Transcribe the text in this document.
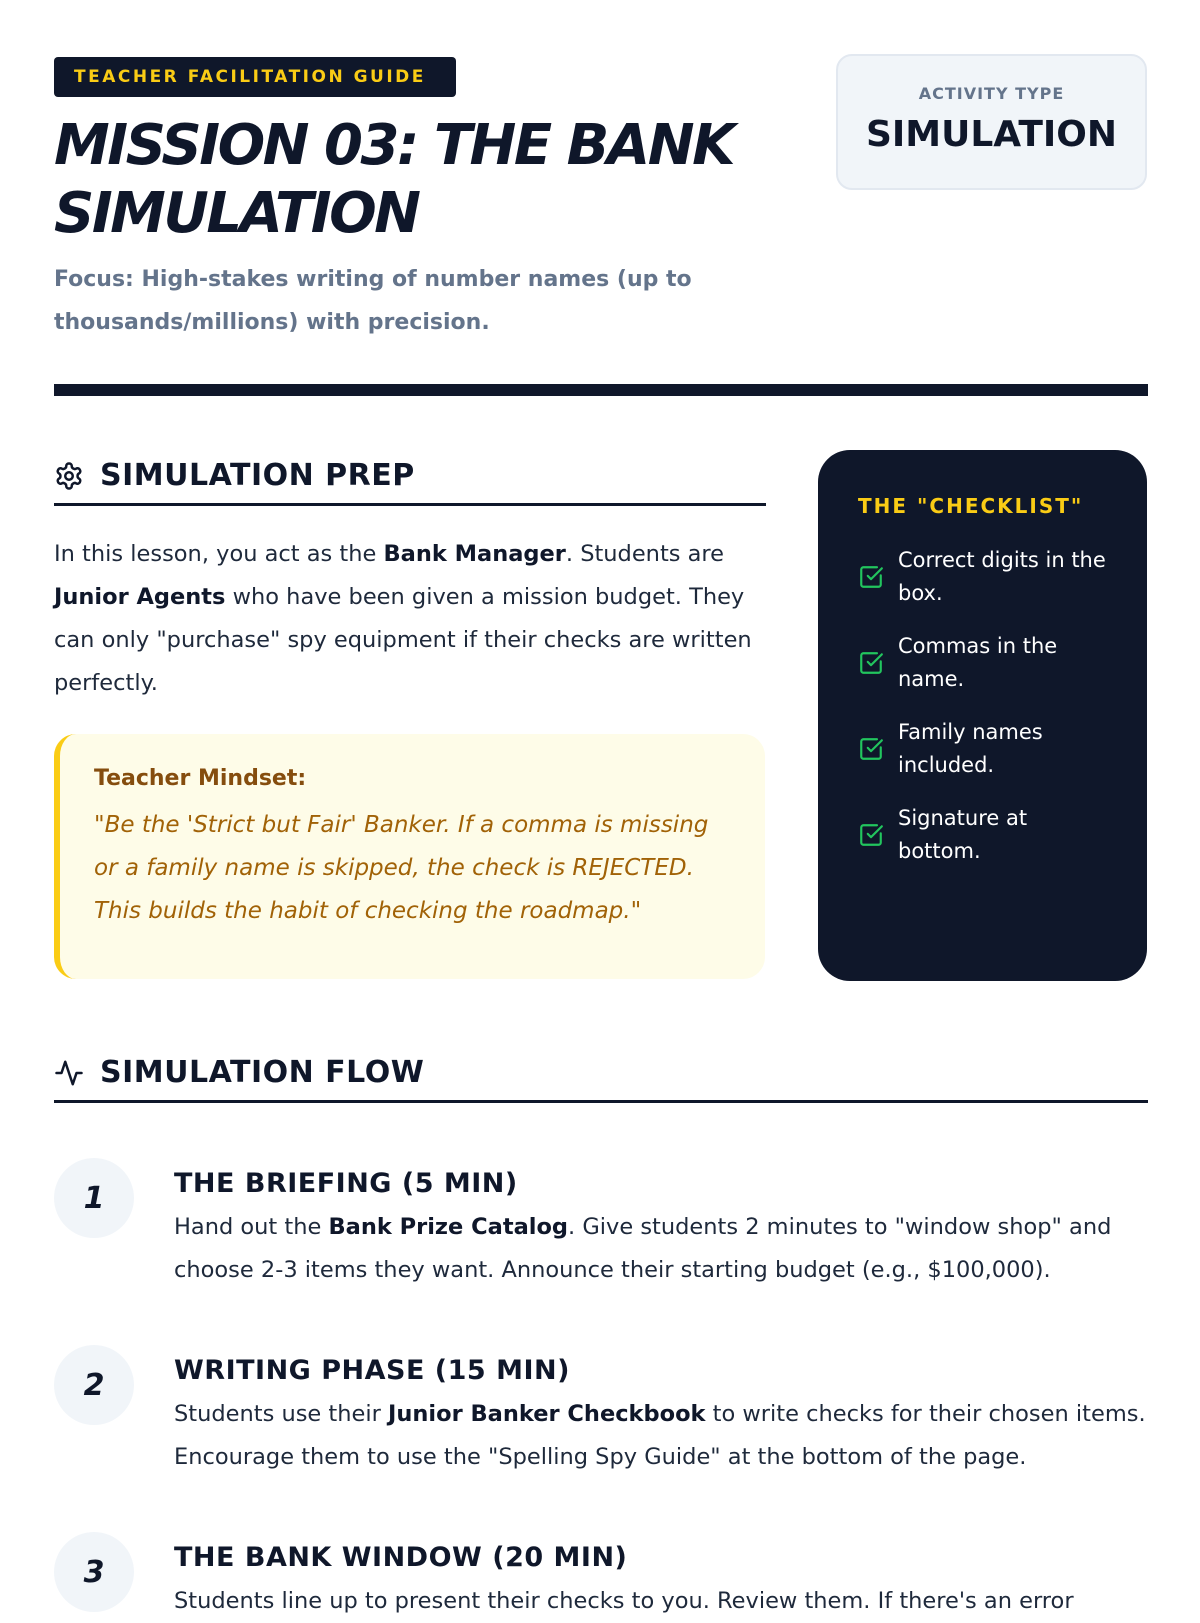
TEACHER FACILITATION GUIDE
MISSION 03: THE BANK SIMULATION

Focus: High-stakes writing of number names (up to thousands/millions) with precision.

ACTIVITY TYPE
SIMULATION
SIMULATION PREP

In this lesson, you act as the Bank Manager. Students are Junior Agents who have been given a mission budget. They can only "purchase" spy equipment if their checks are written perfectly.

Teacher Mindset:

"Be the 'Strict but Fair' Banker. If a comma is missing or a family name is skipped, the check is REJECTED. This builds the habit of checking the roadmap."

THE "CHECKLIST"
Correct digits in the box.
Commas in the name.
Family names included.
Signature at bottom.
SIMULATION FLOW
1	THE BRIEFING (5 MIN)

Hand out the Bank Prize Catalog. Give students 2 minutes to "window shop" and choose 2-3 items they want. Announce their starting budget (e.g., $100,000).

2	WRITING PHASE (15 MIN)

Students use their Junior Banker Checkbook to write checks for their chosen items. Encourage them to use the "Spelling Spy Guide" at the bottom of the page.

3	THE BANK WINDOW (20 MIN)

Students line up to present their checks to you. Review them. If there's an error
